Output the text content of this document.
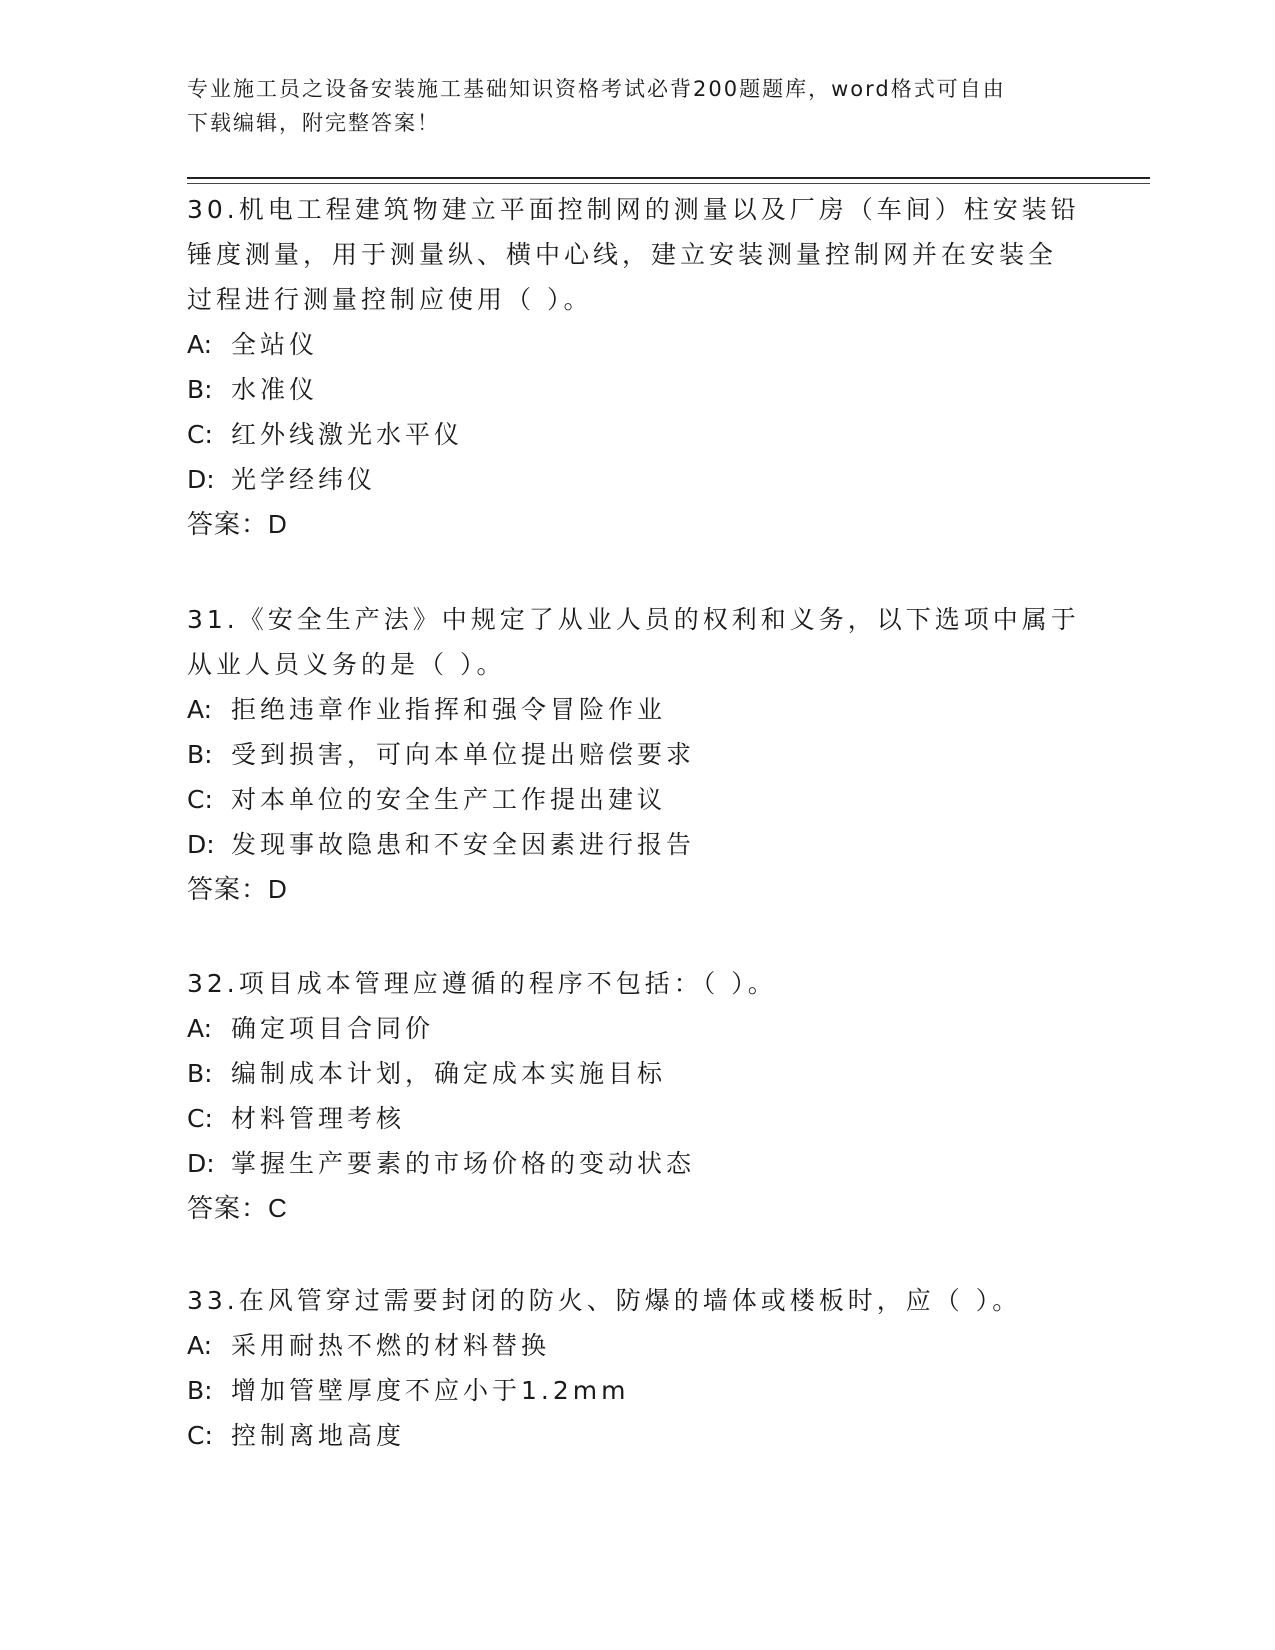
专业施工员之设备安装施工基础知识资格考试必背200题题库，word格式可自由
下载编辑，附完整答案！

30.机电工程建筑物建立平面控制网的测量以及厂房（车间）柱安装铅

锤度测量，用于测量纵、横中心线，建立安装测量控制网并在安装全

过程进行测量控制应使用（ ）。

A: 全站仪

B: 水准仪

C: 红外线激光水平仪

D: 光学经纬仪

答案：D

31.《安全生产法》中规定了从业人员的权利和义务，以下选项中属于

从业人员义务的是（ ）。

A: 拒绝违章作业指挥和强令冒险作业

B: 受到损害，可向本单位提出赔偿要求

C: 对本单位的安全生产工作提出建议

D: 发现事故隐患和不安全因素进行报告

答案：D

32.项目成本管理应遵循的程序不包括：（ ）。

A: 确定项目合同价

B: 编制成本计划，确定成本实施目标

C: 材料管理考核

D: 掌握生产要素的市场价格的变动状态

答案：C

33.在风管穿过需要封闭的防火、防爆的墙体或楼板时，应（ ）。

A: 采用耐热不燃的材料替换

B: 增加管壁厚度不应小于1.2mm

C: 控制离地高度
